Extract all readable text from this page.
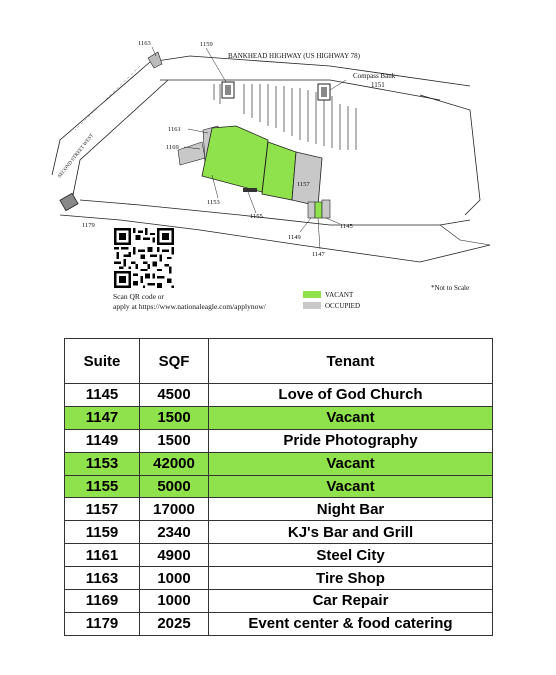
BANKHEAD HIGHWAY (US HIGHWAY 78)
SECOND STREET WEST
Compass Bank
1151
1163	1159
1161
1169
1157
1153
1155
1149
1145
1147
1179
Scan QR code or
apply at https://www.nationaleagle.com/applynow/
VACANT
OCCUPIED
*Not to Scale
Suite	SQF	Tenant
1145	4500	Love of God Church
1147	1500	Vacant
1149	1500	Pride Photography
1153	42000	Vacant
1155	5000	Vacant
1157	17000	Night Bar
1159	2340	KJ's Bar and Grill
1161	4900	Steel City
1163	1000	Tire Shop
1169	1000	Car Repair
1179	2025	Event center & food catering
